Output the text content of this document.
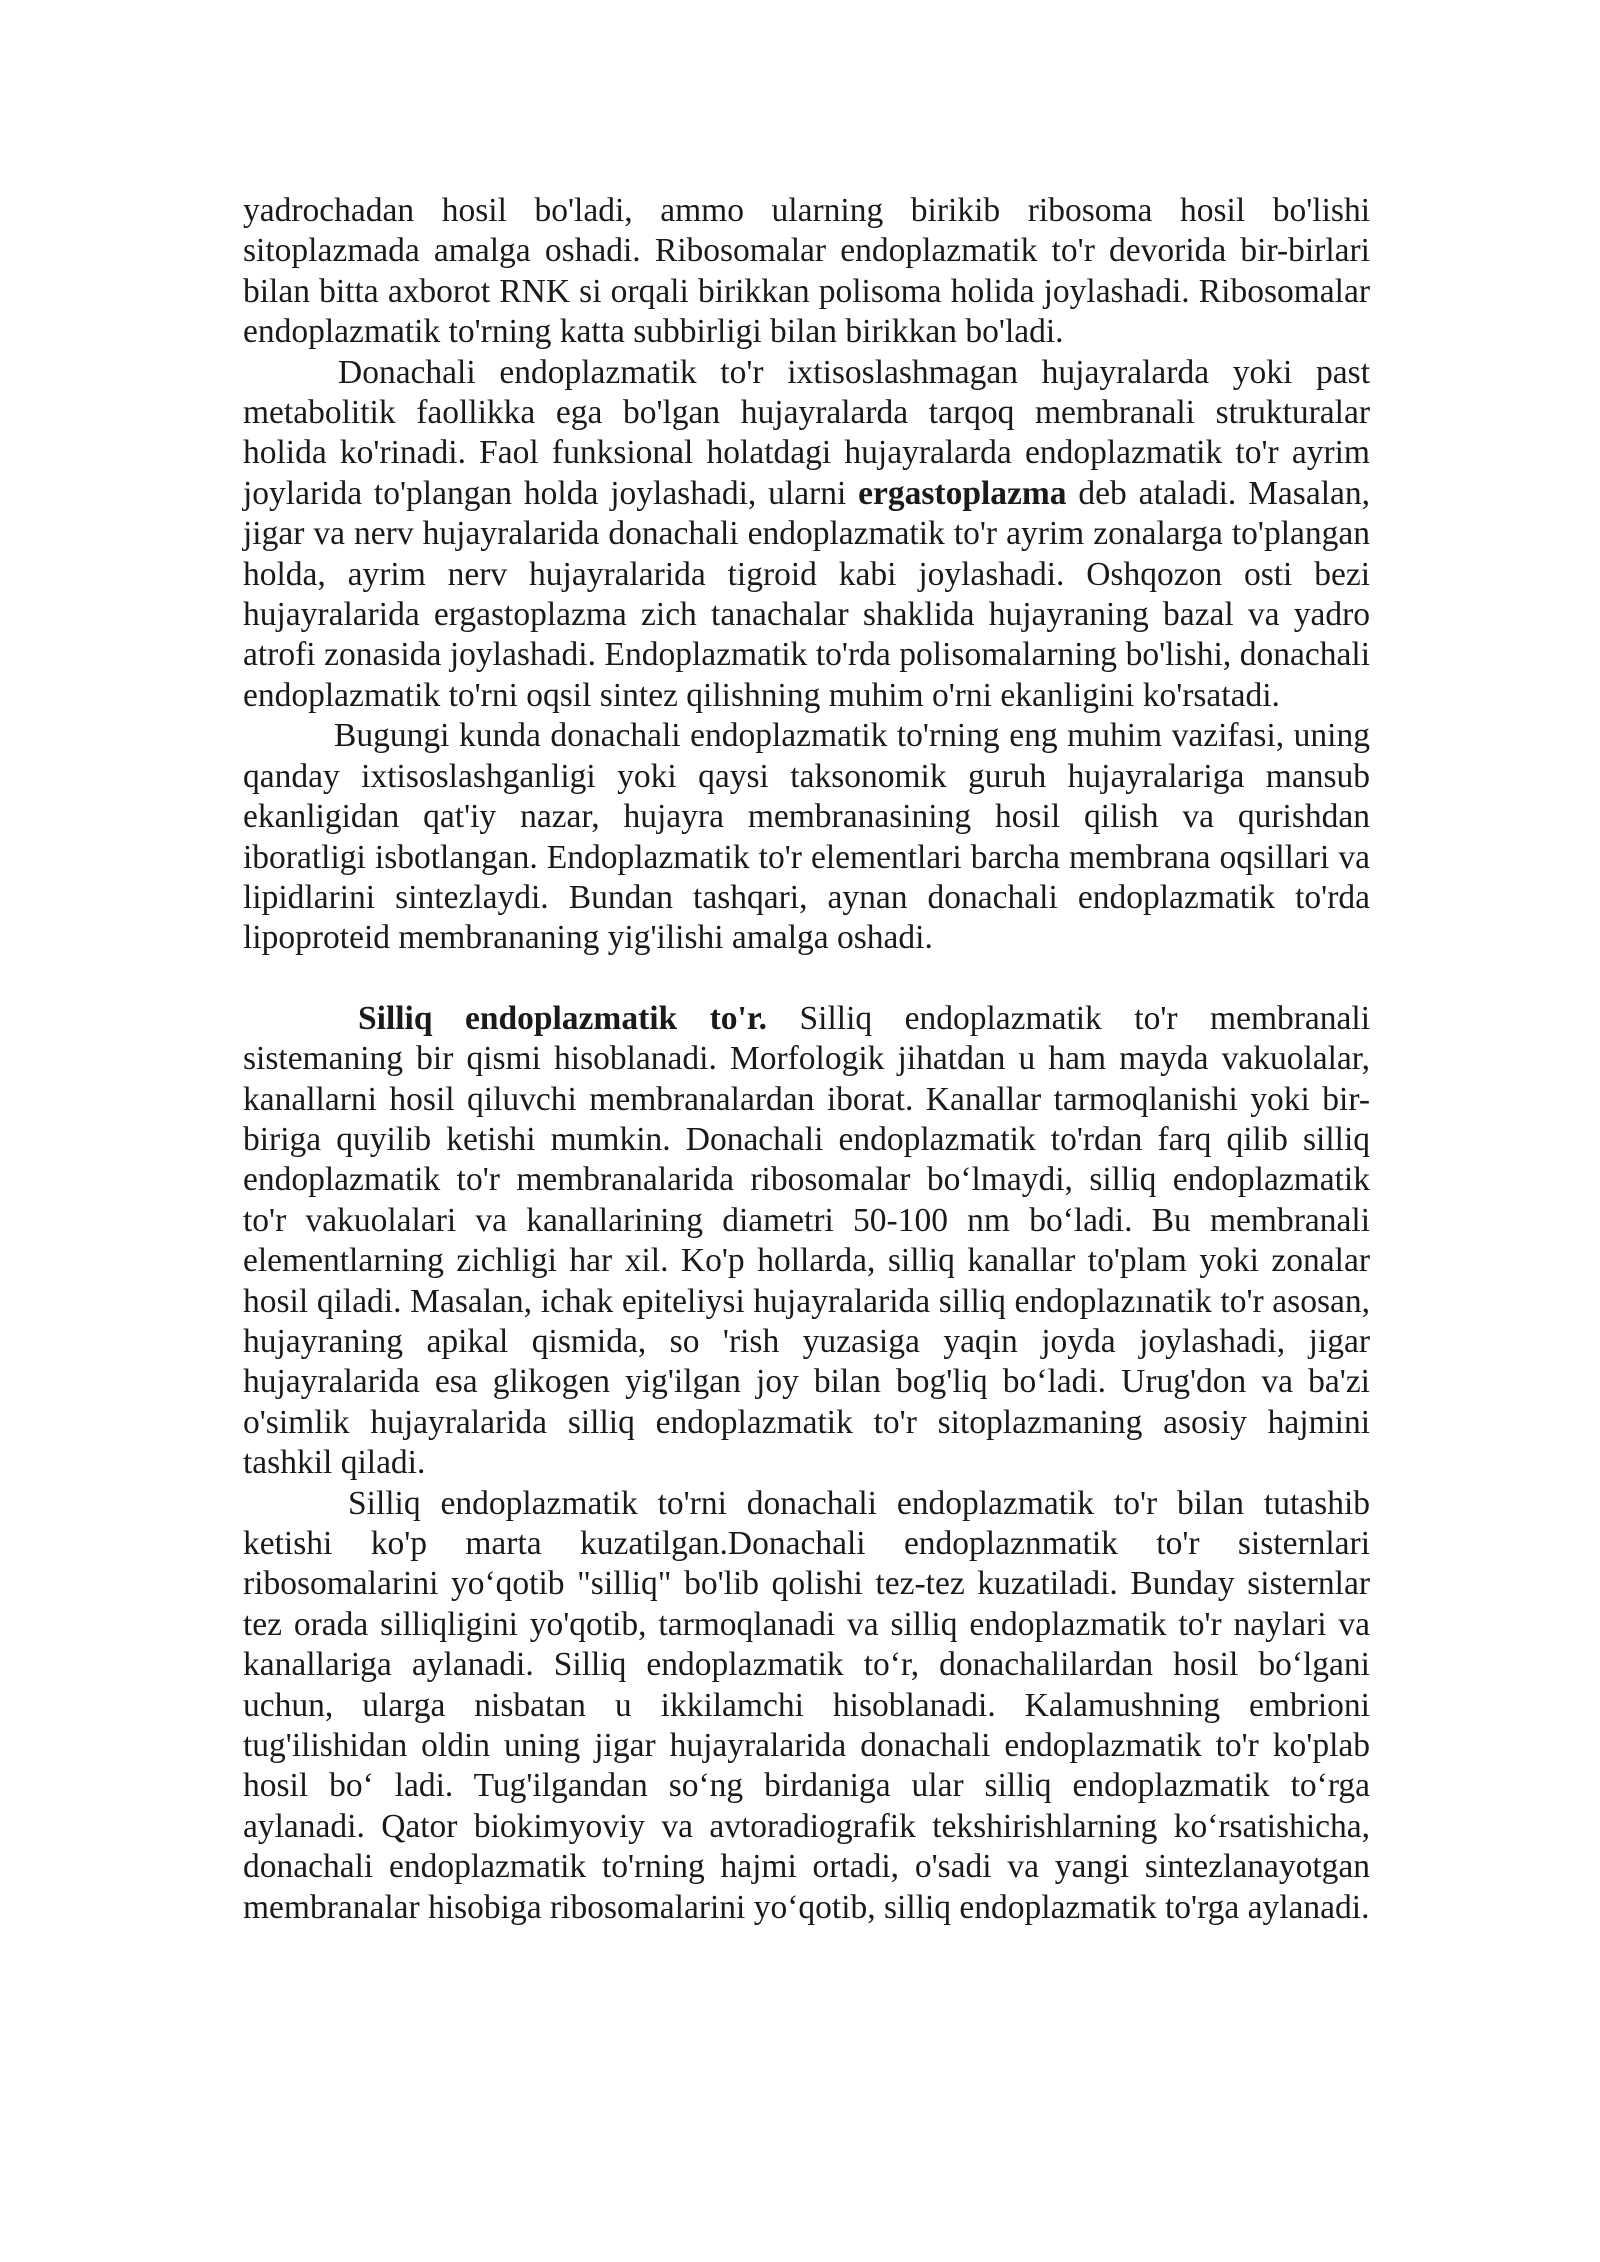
yadrochadan hosil bo'ladi, ammo ularning birikib ribosoma hosil bo'lishi sitoplazmada amalga oshadi. Ribosomalar endoplazmatik to'r devorida bir-birlari bilan bitta axborot RNK si orqali birikkan polisoma holida joylashadi. Ribosomalar endoplazmatik to'rning katta subbirligi bilan birikkan bo'ladi.

Donachali endoplazmatik to'r ixtisoslashmagan hujayralarda yoki past metabolitik faollikka ega bo'lgan hujayralarda tarqoq membranali strukturalar holida ko'rinadi. Faol funksional holatdagi hujayralarda endoplazmatik to'r ayrim joylarida to'plangan holda joylashadi, ularni ergastoplazma deb ataladi. Masalan, jigar va nerv hujayralarida donachali endoplazmatik to'r ayrim zonalarga to'plangan holda, ayrim nerv hujayralarida tigroid kabi joylashadi. Oshqozon osti bezi hujayralarida ergastoplazma zich tanachalar shaklida hujayraning bazal va yadro atrofi zonasida joylashadi. Endoplazmatik to'rda polisomalarning bo'lishi, donachali endoplazmatik to'rni oqsil sintez qilishning muhim o'rni ekanligini ko'rsatadi.

Bugungi kunda donachali endoplazmatik to'rning eng muhim vazifasi, uning qanday ixtisoslashganligi yoki qaysi taksonomik guruh hujayralariga mansub ekanligidan qat'iy nazar, hujayra membranasining hosil qilish va qurishdan iboratligi isbotlangan. Endoplazmatik to'r elementlari barcha membrana oqsillari va lipidlarini sintezlaydi. Bundan tashqari, aynan donachali endoplazmatik to'rda lipoproteid membrananing yig'ilishi amalga oshadi.

Silliq endoplazmatik to'r. Silliq endoplazmatik to'r membranali sistemaning bir qismi hisoblanadi. Morfologik jihatdan u ham mayda vakuolalar, kanallarni hosil qiluvchi membranalardan iborat. Kanallar tarmoqlanishi yoki bir-biriga quyilib ketishi mumkin. Donachali endoplazmatik to'rdan farq qilib silliq endoplazmatik to'r membranalarida ribosomalar bo‘lmaydi, silliq endoplazmatik to'r vakuolalari va kanallarining diametri 50-100 nm bo‘ladi. Bu membranali elementlarning zichligi har xil. Ko'p hollarda, silliq kanallar to'plam yoki zonalar hosil qiladi. Masalan, ichak epiteliysi hujayralarida silliq endoplazınatik to'r asosan, hujayraning apikal qismida, so 'rish yuzasiga yaqin joyda joylashadi, jigar hujayralarida esa glikogen yig'ilgan joy bilan bog'liq bo‘ladi. Urug'don va ba'zi o'simlik hujayralarida silliq endoplazmatik to'r sitoplazmaning asosiy hajmini tashkil qiladi.

Silliq endoplazmatik to'rni donachali endoplazmatik to'r bilan tutashib ketishi ko'p marta kuzatilgan.Donachali endoplaznmatik to'r sisternlari ribosomalarini yo‘qotib "silliq" bo'lib qolishi tez-tez kuzatiladi. Bunday sisternlar tez orada silliqligini yo'qotib, tarmoqlanadi va silliq endoplazmatik to'r naylari va kanallariga aylanadi. Silliq endoplazmatik to‘r, donachalilardan hosil bo‘lgani uchun, ularga nisbatan u ikkilamchi hisoblanadi. Kalamushning embrioni tug'ilishidan oldin uning jigar hujayralarida donachali endoplazmatik to'r ko'plab hosil bo‘ ladi. Tug'ilgandan so‘ng birdaniga ular silliq endoplazmatik to‘rga aylanadi. Qator biokimyoviy va avtoradiografik tekshirishlarning ko‘rsatishicha, donachali endoplazmatik to'rning hajmi ortadi, o'sadi va yangi sintezlanayotgan membranalar hisobiga ribosomalarini yo‘qotib, silliq endoplazmatik to'rga aylanadi.
